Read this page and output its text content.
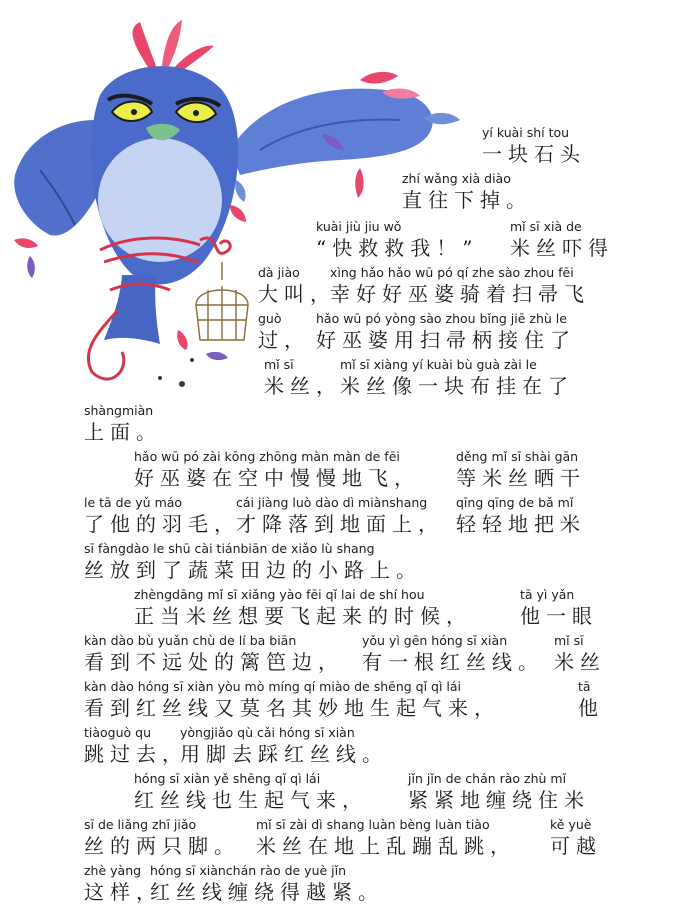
yí kuài shí tou
一块石头
zhí wǎng xià diào
直往下掉。
kuài jiù jiu wǒ	mǐ sī xià de
“快救救我！” 米丝吓得
dà jiào xìng hǎo hǎo wū pó qí zhe sào zhou fēi
大叫，
幸好好巫婆骑着扫帚飞
guò	hǎo wū pó yòng sào zhou bǐng jiē zhù le
过， 好巫婆用扫帚柄接住了
mǐ sī	mǐ sī xiàng yí kuài bù guà zài le
米丝，
米丝像一块布挂在了
shàngmiàn
上面。
hǎo wū pó zài kōng zhōng màn màn de fēi	děng mǐ sī shài gān
好巫婆在空中慢慢地飞， 等米丝晒干
le tā de yǔ máo	cái jiàng luò dào dì miànshang qīng qīng de bǎ mǐ
了他的羽毛，
才降落到地面上， 轻轻地把米
sī fàngdào le shū cài tiánbiān de xiǎo lù shang
丝放到了蔬菜田边的小路上。
zhèngdāng mǐ sī xiǎng yào fēi qǐ lai de shí hou	tā yì yǎn
正当米丝想要飞起来的时候， 他一眼
kàn dào bù yuǎn chù de lí ba biān	yǒu yì gēn hóng sī xiàn	mǐ sī
看到不远处的篱笆边， 有一根红丝线。 米丝
kàn dào hóng sī xiàn yòu mò míng qí miào de shēng qǐ qì lái	tā
看到红丝线又莫名其妙地生起气来，	他
tiàoguò qu yòngjiǎo qù cǎi hóng sī xiàn
跳过去，
用脚去踩红丝线。
hóng sī xiàn yě shēng qǐ qì lái	jǐn jǐn de chán rào zhù mǐ
红丝线也生起气来， 紧紧地缠绕住米
sī de liǎng zhī jiǎo	mǐ sī zài dì shang luàn bèng luàn tiào	kě yuè
丝的两只脚。 米丝在地上乱蹦乱跳， 可越
zhè yàng hóng sī xiànchán rào de yuè jǐn
这样，
红丝线缠绕得越紧。
